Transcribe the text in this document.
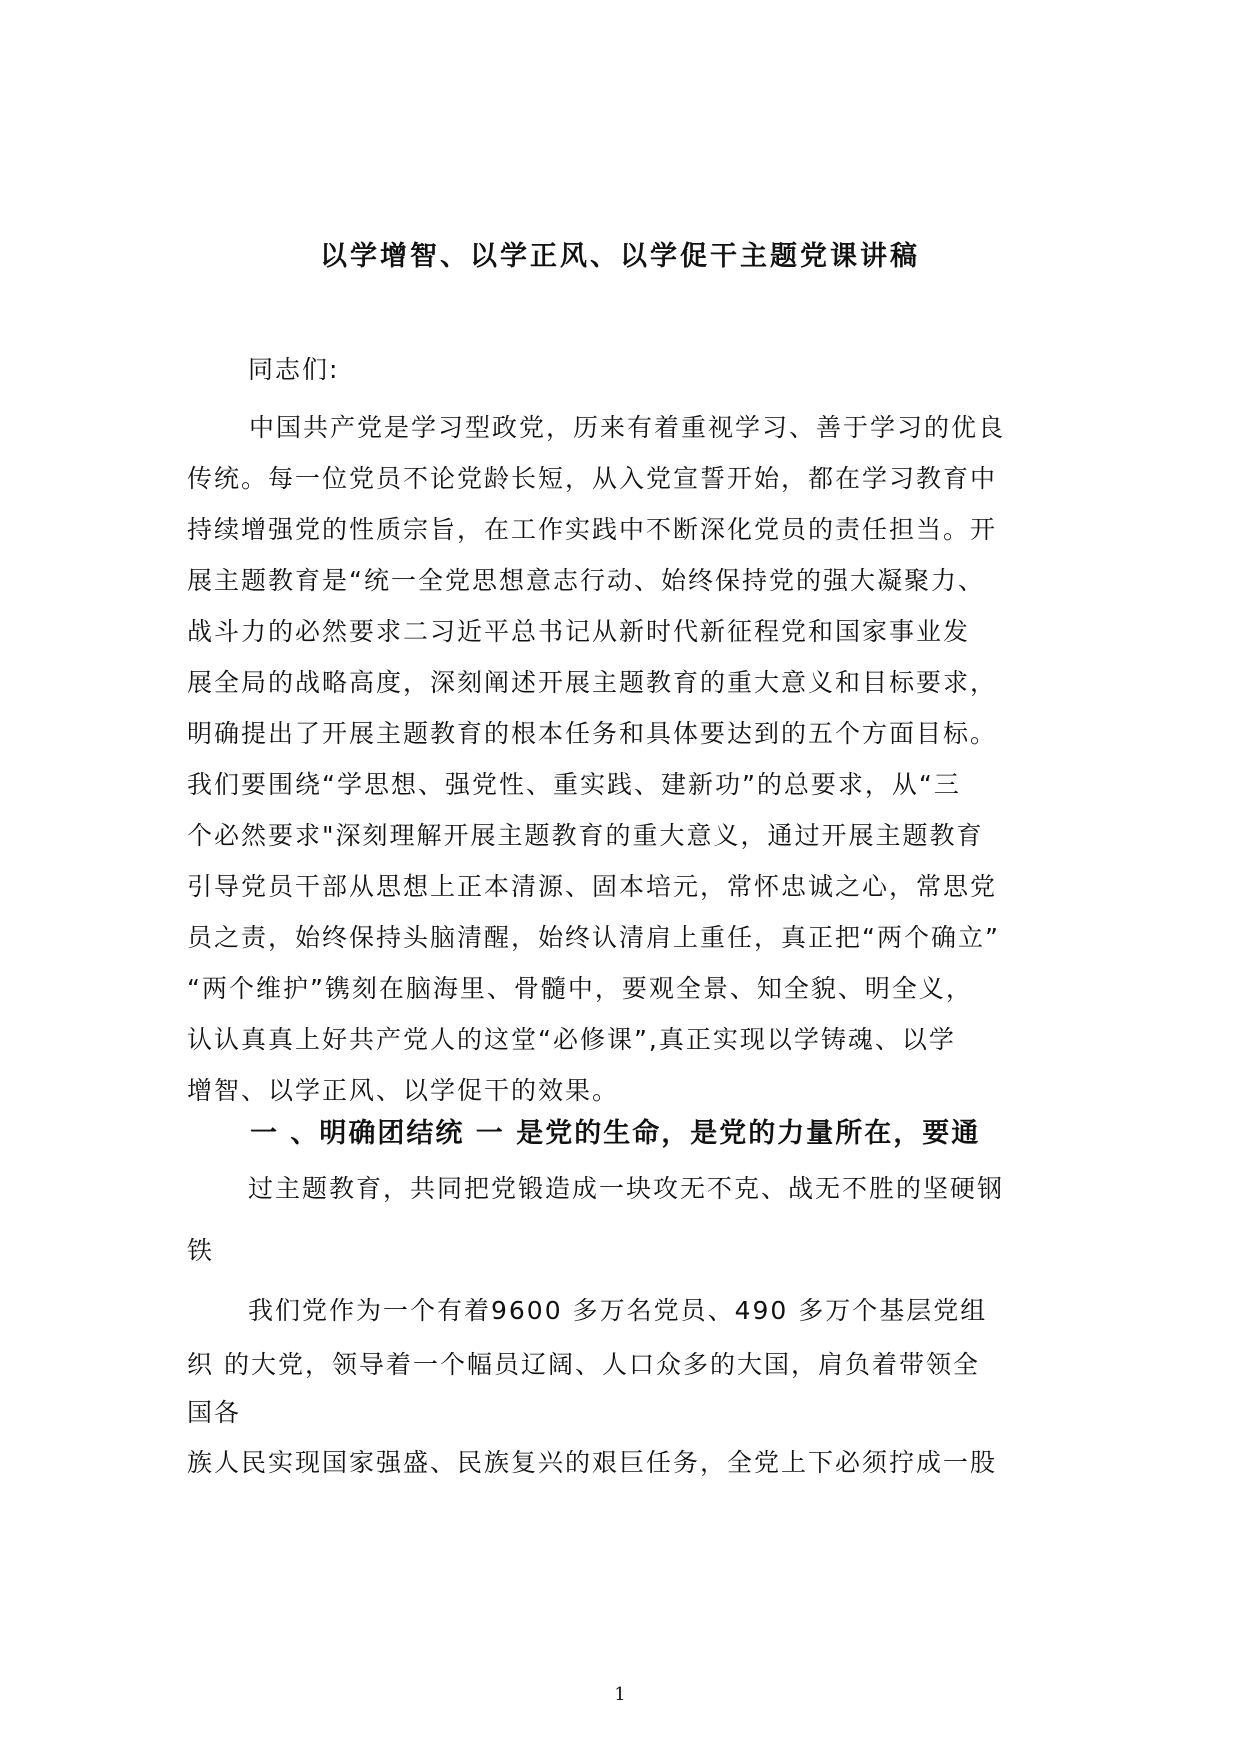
以学增智、以学正风、以学促干主题党课讲稿
同志们:
中国共产党是学习型政党，历来有着重视学习、善于学习的优良
传统。每一位党员不论党龄长短，从入党宣誓开始，都在学习教育中
持续增强党的性质宗旨，在工作实践中不断深化党员的责任担当。开
展主题教育是“统一全党思想意志行动、始终保持党的强大凝聚力、
战斗力的必然要求二习近平总书记从新时代新征程党和国家事业发
展全局的战略高度，深刻阐述开展主题教育的重大意义和目标要求，
明确提出了开展主题教育的根本任务和具体要达到的五个方面目标。
我们要围绕“学思想、强党性、重实践、建新功”的总要求，从“三
个必然要求"深刻理解开展主题教育的重大意义，通过开展主题教育
引导党员干部从思想上正本清源、固本培元，常怀忠诚之心，常思党
员之责，始终保持头脑清醒，始终认清肩上重任，真正把“两个确立”
“两个维护”镌刻在脑海里、骨髓中，要观全景、知全貌、明全义，
认认真真上好共产党人的这堂“必修课”,真正实现以学铸魂、以学
增智、以学正风、以学促干的效果。
一 、明确团结统 一 是党的生命，是党的力量所在，要通
过主题教育，共同把党锻造成一块攻无不克、战无不胜的坚硬钢
铁
我们党作为一个有着9600 多万名党员、490 多万个基层党组
织 的大党，领导着一个幅员辽阔、人口众多的大国，肩负着带领全
国各
族人民实现国家强盛、民族复兴的艰巨任务，全党上下必须拧成一股
1
